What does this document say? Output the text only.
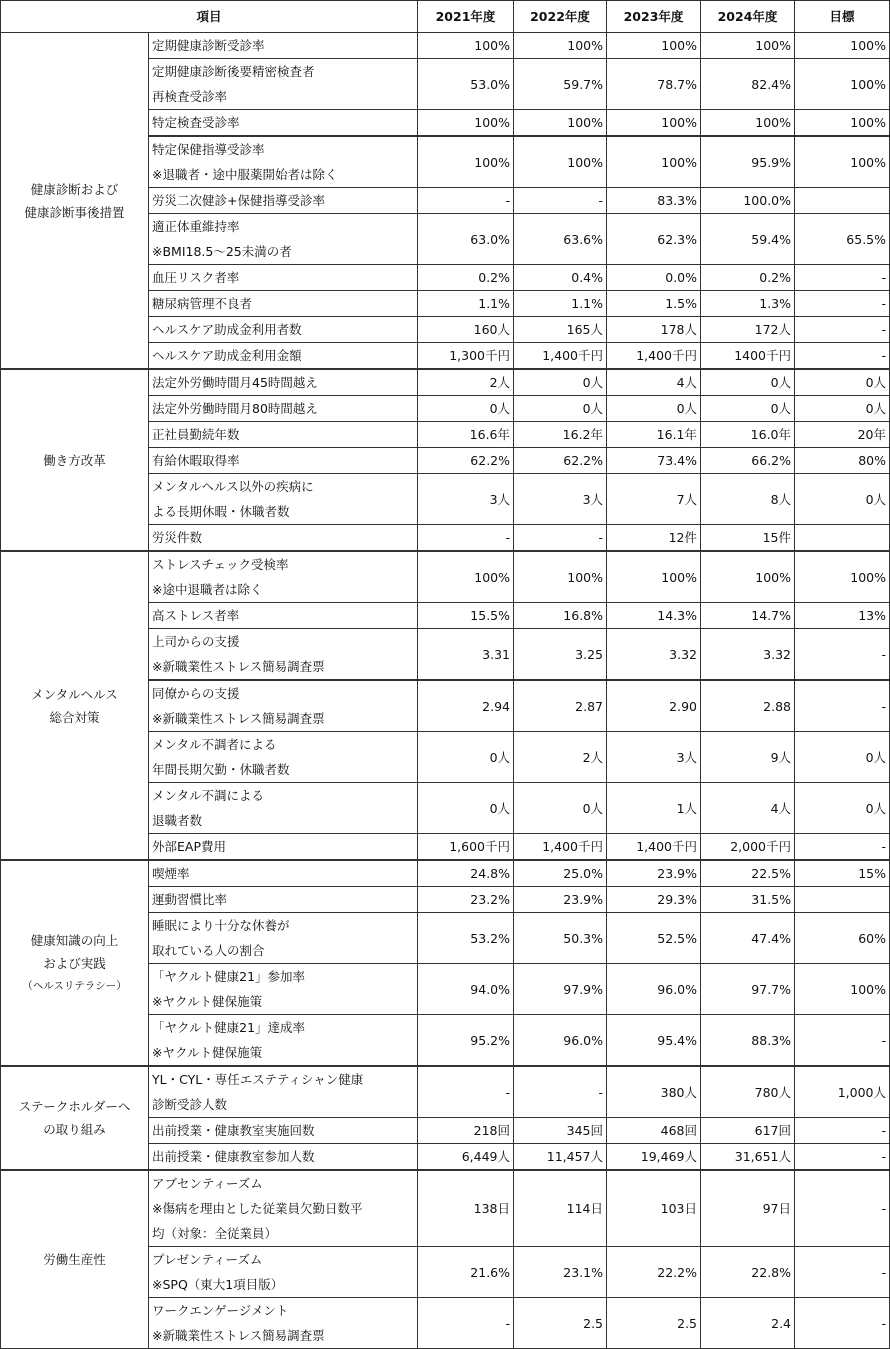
項目		2021年度	2022年度	2023年度	2024年度	目標

健康診断および
健康診断事後措置	定期健康診断受診率	100%	100%	100%	100%	100%

	定期健康診断後要精密検査者
再検査受診率	53.0%	59.7%	78.7%	82.4%	100%

	特定検査受診率	100%	100%	100%	100%	100%

	特定保健指導受診率
※退職者・途中服薬開始者は除く	100%	100%	100%	95.9%	100%

	労災二次健診+保健指導受診率	-	-	83.3%	100.0%	

	適正体重維持率
※BMI18.5～25未満の者	63.0%	63.6%	62.3%	59.4%	65.5%

	血圧リスク者率	0.2%	0.4%	0.0%	0.2%	-

	糖尿病管理不良者	1.1%	1.1%	1.5%	1.3%	-

	ヘルスケア助成金利用者数	160人	165人	178人	172人	-

	ヘルスケア助成金利用金額	1,300千円	1,400千円	1,400千円	1400千円	-

働き方改革	法定外労働時間月45時間越え	2人	0人	4人	0人	0人

	法定外労働時間月80時間越え	0人	0人	0人	0人	0人

	正社員勤続年数	16.6年	16.2年	16.1年	16.0年	20年

	有給休暇取得率	62.2%	62.2%	73.4%	66.2%	80%

	メンタルヘルス以外の疾病に
よる長期休暇・休職者数	3人	3人	7人	8人	0人

	労災件数	-	-	12件	15件	

メンタルヘルス
総合対策	ストレスチェック受検率
※途中退職者は除く	100%	100%	100%	100%	100%

	高ストレス者率	15.5%	16.8%	14.3%	14.7%	13%

	上司からの支援
※新職業性ストレス簡易調査票	3.31	3.25	3.32	3.32	-

	同僚からの支援
※新職業性ストレス簡易調査票	2.94	2.87	2.90	2.88	-

	メンタル不調者による
年間長期欠勤・休職者数	0人	2人	3人	9人	0人

	メンタル不調による
退職者数	0人	0人	1人	4人	0人

	外部EAP費用	1,600千円	1,400千円	1,400千円	2,000千円	-

健康知識の向上
および実践
（ヘルスリテラシー）	喫煙率	24.8%	25.0%	23.9%	22.5%	15%

	運動習慣比率	23.2%	23.9%	29.3%	31.5%	

	睡眠により十分な休養が
取れている人の割合	53.2%	50.3%	52.5%	47.4%	60%

	「ヤクルト健康21」参加率
※ヤクルト健保施策	94.0%	97.9%	96.0%	97.7%	100%

	「ヤクルト健康21」達成率
※ヤクルト健保施策	95.2%	96.0%	95.4%	88.3%	-

ステークホルダーへ
の取り組み	YL・CYL・専任エステティシャン健康
診断受診人数	-	-	380人	780人	1,000人

	出前授業・健康教室実施回数	218回	345回	468回	617回	-

	出前授業・健康教室参加人数	6,449人	11,457人	19,469人	31,651人	-

労働生産性	アブセンティーズム
※傷病を理由とした従業員欠勤日数平
均（対象：全従業員）	138日	114日	103日	97日	-

	プレゼンティーズム
※SPQ（東大1項目版）	21.6%	23.1%	22.2%	22.8%	-

	ワークエンゲージメント
※新職業性ストレス簡易調査票	-	2.5	2.5	2.4	-
